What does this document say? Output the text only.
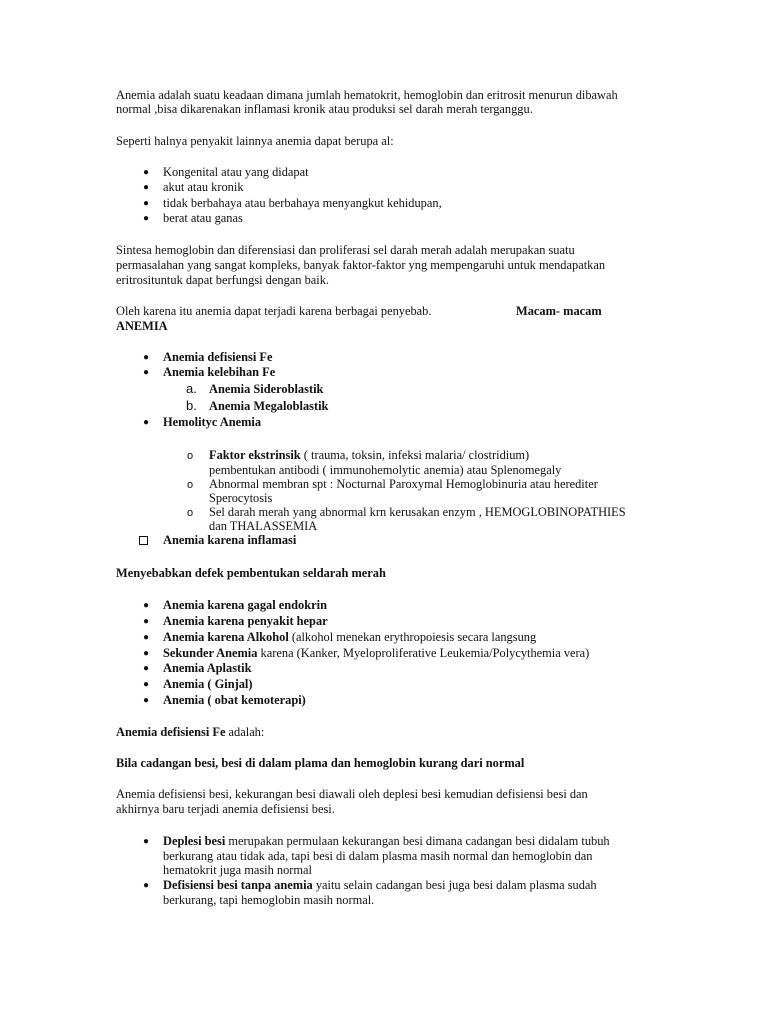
Anemia adalah suatu keadaan dimana jumlah hematokrit, hemoglobin dan eritrosit menurun dibawah
normal ,bisa dikarenakan inflamasi kronik atau produksi sel darah merah terganggu.
Seperti halnya penyakit lainnya anemia dapat berupa al:
● Kongenital atau yang didapat
● akut atau kronik
● tidak berbahaya atau berbahaya menyangkut kehidupan,
● berat atau ganas
Sintesa hemoglobin dan diferensiasi dan proliferasi sel darah merah adalah merupakan suatu
permasalahan yang sangat kompleks, banyak faktor-faktor yng mempengaruhi untuk mendapatkan
eritrosituntuk dapat berfungsi dengan baik.
Oleh karena itu anemia dapat terjadi karena berbagai penyebab.	Macam- macam
ANEMIA
● Anemia defisiensi Fe
● Anemia kelebihan Fe
a. Anemia Sideroblastik
b. Anemia Megaloblastik
● Hemolityc Anemia
o Faktor ekstrinsik ( trauma, toksin, infeksi malaria/ clostridium)
pembentukan antibodi ( immunohemolytic anemia) atau Splenomegaly
o Abnormal membran spt : Nocturnal Paroxymal Hemoglobinuria atau herediter
Sperocytosis
o Sel darah merah yang abnormal krn kerusakan enzym , HEMOGLOBINOPATHIES
dan THALASSEMIA
Anemia karena inflamasi
Menyebabkan defek pembentukan seldarah merah
● Anemia karena gagal endokrin
● Anemia karena penyakit hepar
● Anemia karena Alkohol (alkohol menekan erythropoiesis secara langsung
● Sekunder Anemia karena (Kanker, Myeloproliferative Leukemia/Polycythemia vera)
● Anemia Aplastik
● Anemia ( Ginjal)
● Anemia ( obat kemoterapi)
Anemia defisiensi Fe adalah:
Bila cadangan besi, besi di dalam plama dan hemoglobin kurang dari normal
Anemia defisiensi besi, kekurangan besi diawali oleh deplesi besi kemudian defisiensi besi dan
akhirnya baru terjadi anemia defisiensi besi.
● Deplesi besi merupakan permulaan kekurangan besi dimana cadangan besi didalam tubuh
berkurang atau tidak ada, tapi besi di dalam plasma masih normal dan hemoglobin dan
hematokrit juga masih normal
● Defisiensi besi tanpa anemia yaitu selain cadangan besi juga besi dalam plasma sudah
berkurang, tapi hemoglobin masih normal.
